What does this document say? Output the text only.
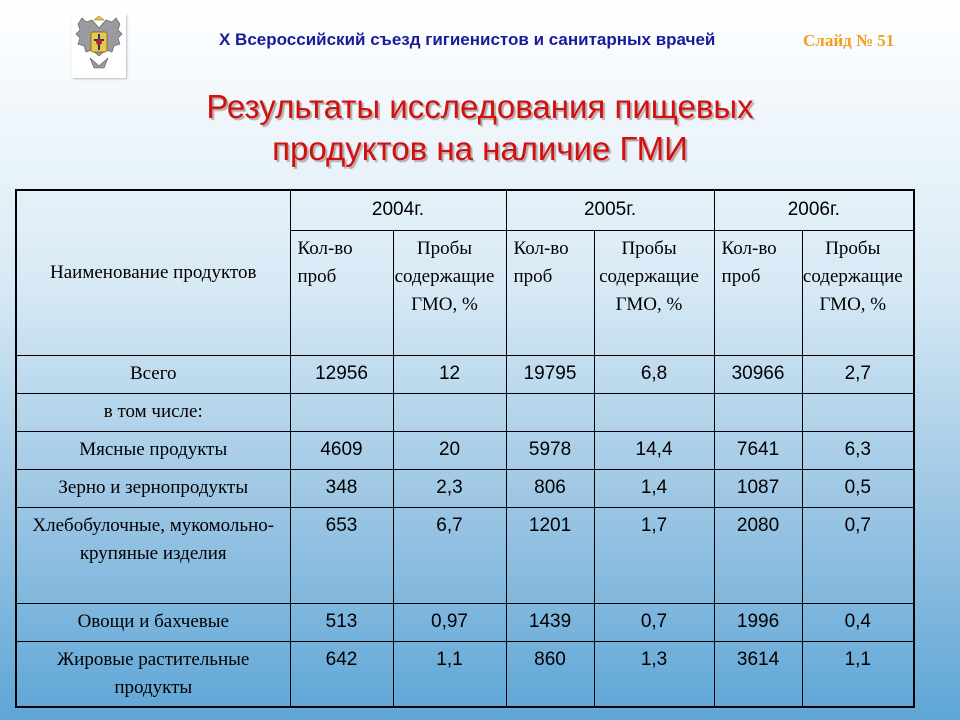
X Всероссийский съезд гигиенистов и санитарных врачей	Слайд № 51
Результаты исследования пищевых
продуктов на наличие ГМИ
Наименование продуктов	2004г.		2005г.		2006г.	
	Кол-во проб	Пробы содержащие ГМО, %	Кол-во проб	Пробы содержащие ГМО, %	Кол-во проб	Пробы содержащие ГМО, %
Всего	12956	12	19795	6,8	30966	2,7
в том числе:						
Мясные продукты	4609	20	5978	14,4	7641	6,3
Зерно и зернопродукты	348	2,3	806	1,4	1087	0,5
Хлебобулочные, мукомольно-крупяные изделия	653	6,7	1201	1,7	2080	0,7
Овощи и бахчевые	513	0,97	1439	0,7	1996	0,4
Жировые растительные продукты	642	1,1	860	1,3	3614	1,1
